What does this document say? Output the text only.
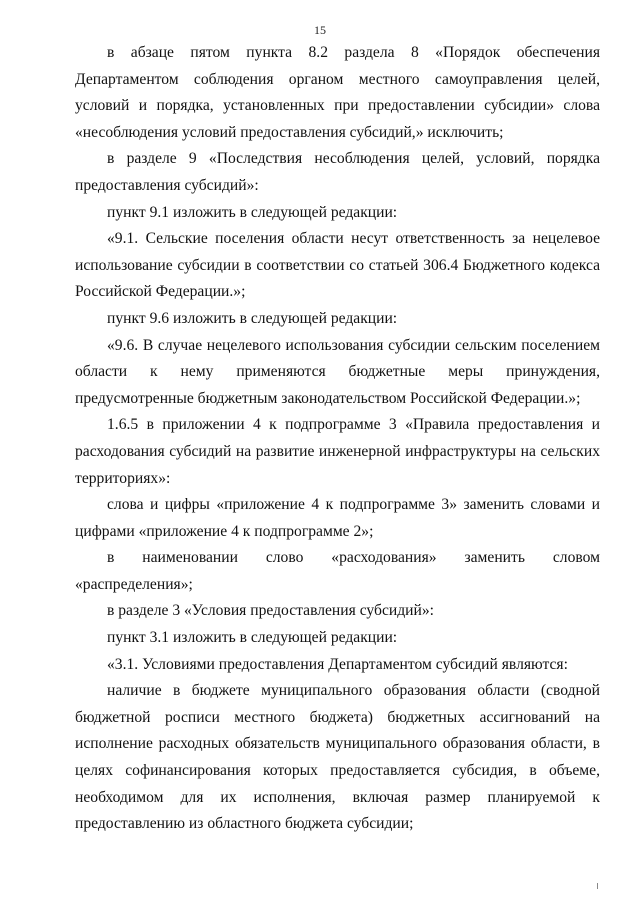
15

в абзаце пятом пункта 8.2 раздела 8 «Порядок обеспечения Департаментом соблюдения органом местного самоуправления целей, условий и порядка, установленных при предоставлении субсидии» слова «несоблюдения условий предоставления субсидий,» исключить;

в разделе 9 «Последствия несоблюдения целей, условий, порядка предоставления субсидий»:

пункт 9.1 изложить в следующей редакции:

«9.1. Сельские поселения области несут ответственность за нецелевое использование субсидии в соответствии со статьей 306.4 Бюджетного кодекса Российской Федерации.»;

пункт 9.6 изложить в следующей редакции:

«9.6. В случае нецелевого использования субсидии сельским поселением области к нему применяются бюджетные меры принуждения, предусмотренные бюджетным законодательством Российской Федерации.»;

1.6.5 в приложении 4 к подпрограмме 3 «Правила предоставления и расходования субсидий на развитие инженерной инфраструктуры на сельских территориях»:

слова и цифры «приложение 4 к подпрограмме 3» заменить словами и цифрами «приложение 4 к подпрограмме 2»;

в наименовании слово «расходования» заменить словом «распределения»;

в разделе 3 «Условия предоставления субсидий»:

пункт 3.1 изложить в следующей редакции:

«3.1. Условиями предоставления Департаментом субсидий являются:

наличие в бюджете муниципального образования области (сводной бюджетной росписи местного бюджета) бюджетных ассигнований на исполнение расходных обязательств муниципального образования области, в целях софинансирования которых предоставляется субсидия, в объеме, необходимом для их исполнения, включая размер планируемой к предоставлению из областного бюджета субсидии;
